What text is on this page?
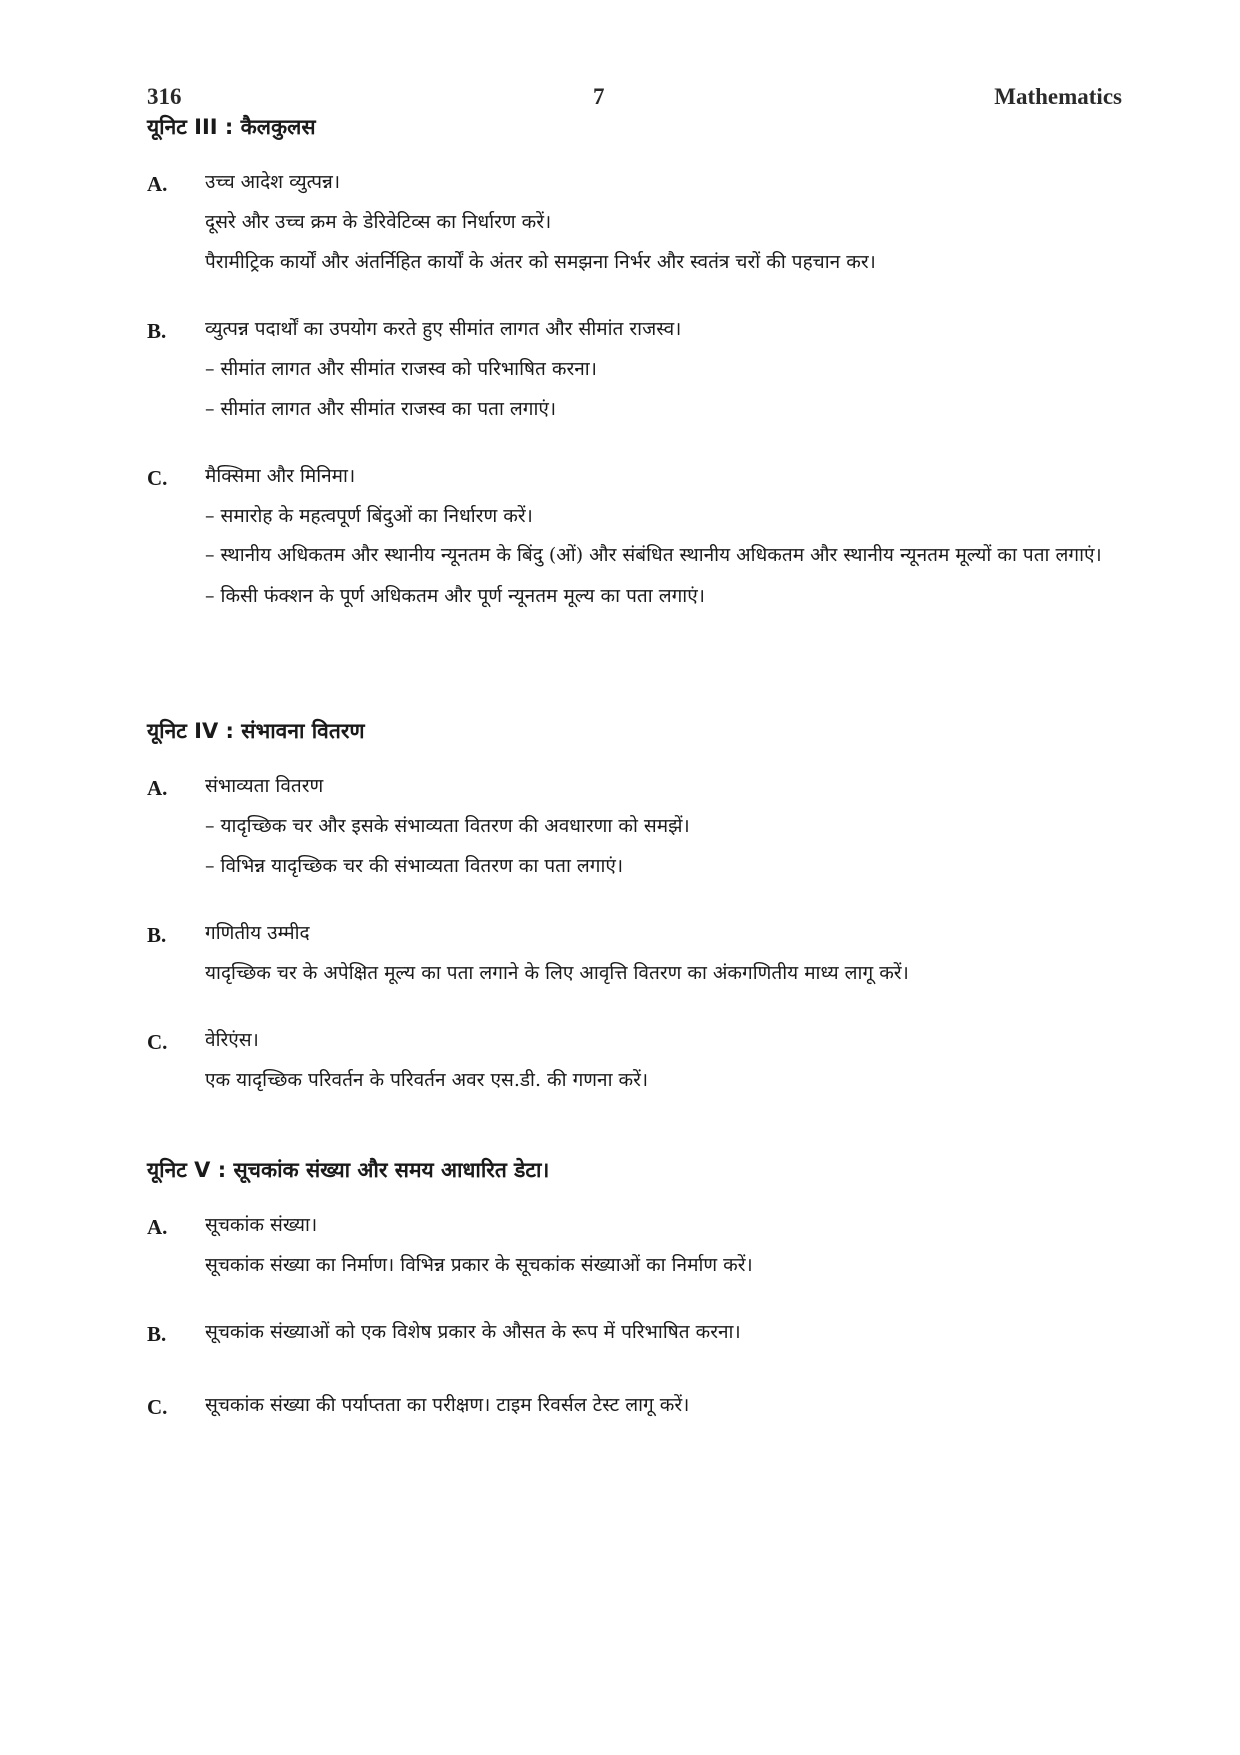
316	7	Mathematics
यूनिट III : कैलकुलस
A. उच्च आदेश व्युत्पन्न।
दूसरे और उच्च क्रम के डेरिवेटिव्स का निर्धारण करें।
पैरामीट्रिक कार्यों और अंतर्निहित कार्यों के अंतर को समझना निर्भर और स्वतंत्र चरों की पहचान कर।
B. व्युत्पन्न पदार्थों का उपयोग करते हुए सीमांत लागत और सीमांत राजस्व।
– सीमांत लागत और सीमांत राजस्व को परिभाषित करना।
– सीमांत लागत और सीमांत राजस्व का पता लगाएं।
C. मैक्सिमा और मिनिमा।
– समारोह के महत्वपूर्ण बिंदुओं का निर्धारण करें।
– स्थानीय अधिकतम और स्थानीय न्यूनतम के बिंदु (ओं) और संबंधित स्थानीय अधिकतम और स्थानीय न्यूनतम मूल्यों का पता लगाएं।
– किसी फंक्शन के पूर्ण अधिकतम और पूर्ण न्यूनतम मूल्य का पता लगाएं।
यूनिट IV : संभावना वितरण
A. संभाव्यता वितरण
– यादृच्छिक चर और इसके संभाव्यता वितरण की अवधारणा को समझें।
– विभिन्न यादृच्छिक चर की संभाव्यता वितरण का पता लगाएं।
B. गणितीय उम्मीद
यादृच्छिक चर के अपेक्षित मूल्य का पता लगाने के लिए आवृत्ति वितरण का अंकगणितीय माध्य लागू करें।
C. वेरिएंस।
एक यादृच्छिक परिवर्तन के परिवर्तन अवर एस.डी. की गणना करें।
यूनिट V : सूचकांक संख्या और समय आधारित डेटा।
A. सूचकांक संख्या।
सूचकांक संख्या का निर्माण। विभिन्न प्रकार के सूचकांक संख्याओं का निर्माण करें।
B. सूचकांक संख्याओं को एक विशेष प्रकार के औसत के रूप में परिभाषित करना।
C. सूचकांक संख्या की पर्याप्तता का परीक्षण। टाइम रिवर्सल टेस्ट लागू करें।
